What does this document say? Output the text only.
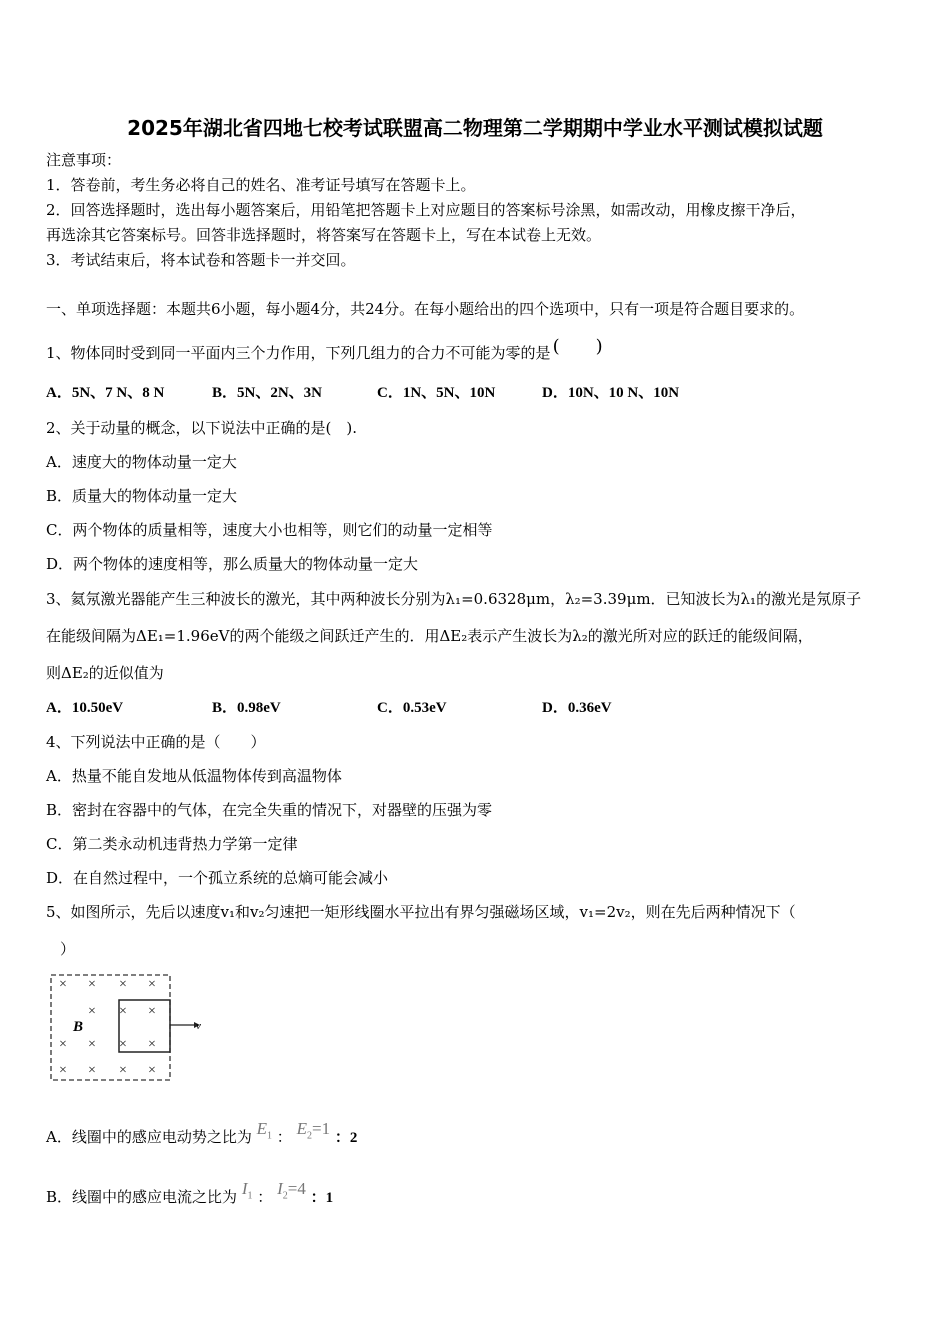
2025年湖北省四地七校考试联盟高二物理第二学期期中学业水平测试模拟试题
注意事项：
1．答卷前，考生务必将自己的姓名、准考证号填写在答题卡上。
2．回答选择题时，选出每小题答案后，用铅笔把答题卡上对应题目的答案标号涂黑，如需改动，用橡皮擦干净后，
再选涂其它答案标号。回答非选择题时，将答案写在答题卡上，写在本试卷上无效。
3．考试结束后，将本试卷和答题卡一并交回。
一、单项选择题：本题共6小题，每小题4分，共24分。在每小题给出的四个选项中，只有一项是符合题目要求的。
1、物体同时受到同一平面内三个力作用，下列几组力的合力不可能为零的是 (　　)
A．5N、7 N、8 N	B．5N、2N、3N	C．1N、5N、10N	D．10N、10 N、10N
2、关于动量的概念，以下说法中正确的是(　).
A．速度大的物体动量一定大
B．质量大的物体动量一定大
C．两个物体的质量相等，速度大小也相等，则它们的动量一定相等
D．两个物体的速度相等，那么质量大的物体动量一定大
3、氦氖激光器能产生三种波长的激光，其中两种波长分别为λ₁=0.6328μm，λ₂=3.39μm．已知波长为λ₁的激光是氖原子
在能级间隔为ΔE₁=1.96eV的两个能级之间跃迁产生的．用ΔE₂表示产生波长为λ₂的激光所对应的跃迁的能级间隔，
则ΔE₂的近似值为
A．10.50eV	B．0.98eV	C．0.53eV	D．0.36eV
4、下列说法中正确的是（　　）
A．热量不能自发地从低温物体传到高温物体
B．密封在容器中的气体，在完全失重的情况下，对器壁的压强为零
C．第二类永动机违背热力学第一定律
D．在自然过程中，一个孤立系统的总熵可能会减小
5、如图所示，先后以速度v₁和v₂匀速把一矩形线圈水平拉出有界匀强磁场区域，v₁=2v₂，则在先后两种情况下（
）
× × × ×
× × ×
× × × ×
× × × ×
B	v
A．线圈中的感应电动势之比为 $E_1$ ： $E_2=1$ ：2
B．线圈中的感应电流之比为 $I_1$ ： $I_2=4$ ：1
